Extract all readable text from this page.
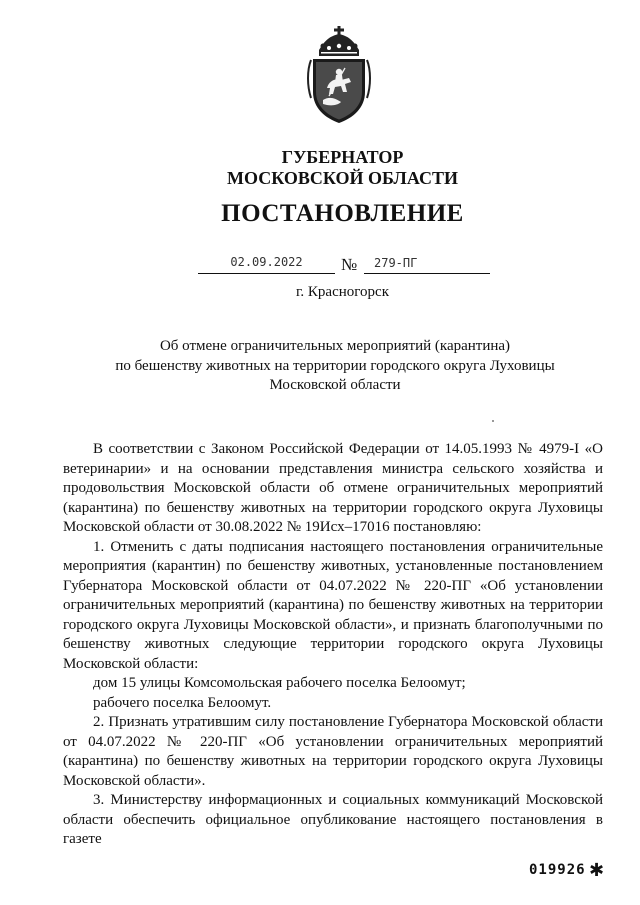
ГУБЕРНАТОР
МОСКОВСКОЙ ОБЛАСТИ
ПОСТАНОВЛЕНИЕ
02.09.2022	№	279-ПГ
г. Красногорск
Об отмене ограничительных мероприятий (карантина)
по бешенству животных на территории городского округа Луховицы
Московской области
В соответствии с Законом Российской Федерации от 14.05.1993 № 4979-I «О ветеринарии» и на основании представления министра сельского хозяйства и продовольствия Московской области об отмене ограничительных мероприятий (карантина) по бешенству животных на территории городского округа Луховицы Московской области от 30.08.2022 № 19Исх–17016 постановляю:
1. Отменить с даты подписания настоящего постановления ограничительные мероприятия (карантин) по бешенству животных, установленные постановлением Губернатора Московской области от 04.07.2022 № 220-ПГ «Об установлении ограничительных мероприятий (карантина) по бешенству животных на территории городского округа Луховицы Московской области», и признать благополучными по бешенству животных следующие территории городского округа Луховицы Московской области:
дом 15 улицы Комсомольская рабочего поселка Белоомут;
рабочего поселка Белоомут.
2. Признать утратившим силу постановление Губернатора Московской области от 04.07.2022 № 220-ПГ «Об установлении ограничительных мероприятий (карантина) по бешенству животных на территории городского округа Луховицы Московской области».
3. Министерству информационных и социальных коммуникаций Московской области обеспечить официальное опубликование настоящего постановления в газете
019926 ✱
